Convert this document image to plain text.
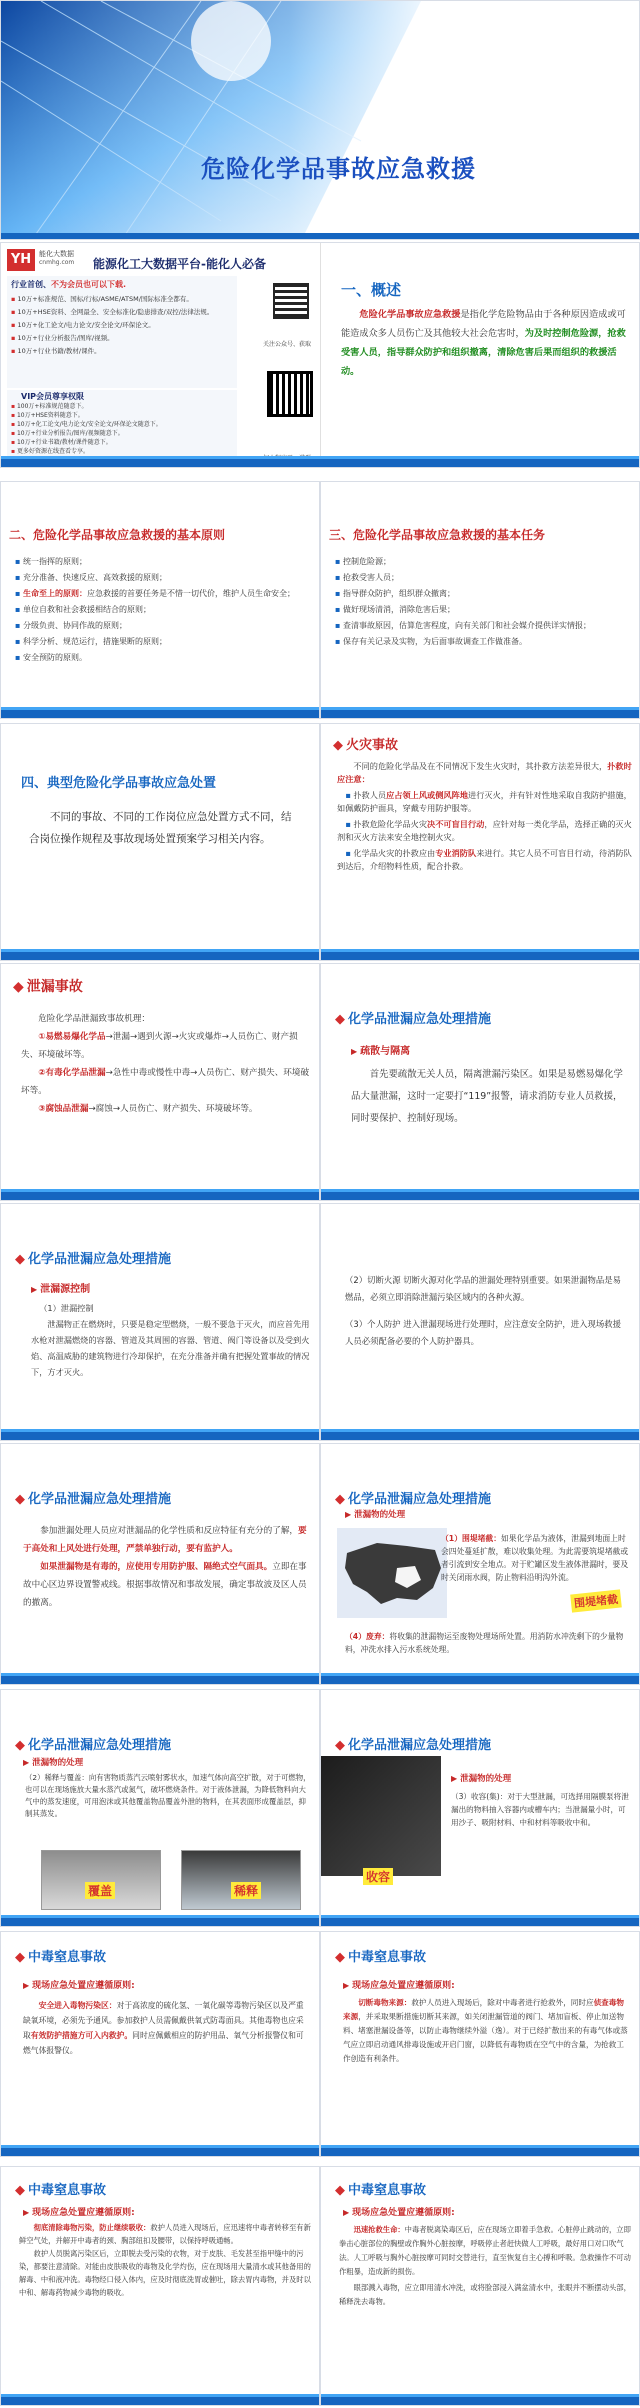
危险化学品事故应急救援
YH	能化大数据
cnmhg.com 能源化工大数据平台-能化人必备
行业首创、不为会员也可以下载.
▪ 10万+标准规范、国标/行标/ASME/ATSM/国际标准全都有。
▪ 10万+HSE资料、全网最全、安全标准化/隐患排查/双控/法律法规。
▪ 10万+化工论文/电力论文/安全论文/环保论文。
▪ 10万+行业分析报告/图库/视频。
▪ 10万+行业书籍/教材/课件。
VIP会员尊享权限
▪ 100万+标准规范随意下。
▪ 10万+HSE资料随意下。
▪ 10万+化工论文/电力论文/安全论文/环保论文随意下。
▪ 10万+行业分析报告/图库/视频随意下。
▪ 10万+行业书籍/教材/课件随意下。
▪ 更多好资源在线查看专享。
关注公众号、获取
一、概述
危险化学品事故应急救援是指化学危险物品由于各种原因造成或可能造成众多人员伤亡及其他较大社会危害时，为及时控制危险源，抢救受害人员，指导群众防护和组织撤离，清除危害后果而组织的救援活动。
二、危险化学品事故应急救援的基本原则
▪ 统一指挥的原则；
▪ 充分准备、快速反应、高效救援的原则；
▪ 生命至上的原则：应急救援的首要任务是不惜一切代价，维护人员生命安全；
▪ 单位自救和社会救援相结合的原则；
▪ 分级负责、协同作战的原则；
▪ 科学分析、规范运行，措施果断的原则；
▪ 安全预防的原则。
三、危险化学品事故应急救援的基本任务
▪ 控制危险源；
▪ 抢救受害人员；
▪ 指导群众防护，组织群众撤离；
▪ 做好现场清消，消除危害后果；
▪ 查清事故原因，估算危害程度，向有关部门和社会媒介提供详实情报；
▪ 保存有关记录及实物，为后面事故调查工作做准备。
四、典型危险化学品事故应急处置
不同的事故、不同的工作岗位应急处置方式不同，结合岗位操作规程及事故现场处置预案学习相关内容。
◆ 火灾事故
不同的危险化学品及在不同情况下发生火灾时，其扑救方法差异很大，扑救时应注意：
▪ 扑救人员应占领上风或侧风阵地进行灭火，并有针对性地采取自我防护措施，如佩戴防护面具，穿戴专用防护服等。
▪ 扑救危险化学品火灾决不可盲目行动，应针对每一类化学品，选择正确的灭火剂和灭火方法来安全地控制火灾。
▪ 化学品火灾的扑救应由专业消防队来进行。其它人员不可盲目行动，待消防队到达后，介绍物料性质，配合扑救。
◆ 泄漏事故
危险化学品泄漏致事故机理：
①易燃易爆化学品→泄漏→遇到火源→火灾或爆炸→人员伤亡、财产损失、环境破坏等。
②有毒化学品泄漏→急性中毒或慢性中毒→人员伤亡、财产损失、环境破坏等。
③腐蚀品泄漏→腐蚀→人员伤亡、财产损失、环境破坏等。
◆ 化学品泄漏应急处理措施
▶ 疏散与隔离
首先要疏散无关人员，隔离泄漏污染区。如果是易燃易爆化学品大量泄漏，这时一定要打“119”报警，请求消防专业人员救援，同时要保护、控制好现场。
◆ 化学品泄漏应急处理措施
▶ 泄漏源控制
（1）泄漏控制
泄漏物正在燃烧时，只要是稳定型燃烧，一般不要急于灭火，而应首先用水枪对泄漏燃烧的容器、管道及其周围的容器、管道、阀门等设备以及受到火焰、高温威胁的建筑物进行冷却保护，在充分准备并确有把握处置事故的情况下，方才灭火。
（2）切断火源 切断火源对化学品的泄漏处理特别重要。如果泄漏物品是易燃品，必须立即消除泄漏污染区域内的各种火源。
（3）个人防护 进入泄漏现场进行处理时，应注意安全防护，进入现场救援人员必须配备必要的个人防护器具。
◆ 化学品泄漏应急处理措施
参加泄漏处理人员应对泄漏品的化学性质和反应特征有充分的了解，要于高处和上风处进行处理，严禁单独行动，要有监护人。
如果泄漏物是有毒的，应使用专用防护服、隔绝式空气面具。立即在事故中心区边界设置警戒线。根据事故情况和事故发展，确定事故波及区人员的撤离。
◆ 化学品泄漏应急处理措施
▶ 泄漏物的处理
（1）围堤堵截：如果化学品为液体，泄漏到地面上时会四处蔓延扩散，难以收集处理。为此需要筑堤堵截或者引流到安全地点。对于贮罐区发生液体泄漏时，要及时关闭雨水阀，防止物料沿明沟外流。
围堤堵截
（4）废弃：将收集的泄漏物运至废物处理场所处置。用消防水冲洗剩下的少量物料，冲洗水排入污水系统处理。
◆ 化学品泄漏应急处理措施
▶ 泄漏物的处理
（2）稀释与覆盖：向有害物质蒸汽云喷射雾状水，加速气体向高空扩散，对于可燃物，也可以在现场施放大量水蒸汽或氮气，破坏燃烧条件。对于液体泄漏，为降低物料向大气中的蒸发速度，可用泡沫或其他覆盖物品覆盖外泄的物料，在其表面形成覆盖层，抑制其蒸发。
覆盖	稀释
◆ 化学品泄漏应急处理措施
收容
▶ 泄漏物的处理
（3）收容(集)：对于大型泄漏，可选择用隔膜泵将泄漏出的物料抽入容器内或槽车内；当泄漏量小时，可用沙子、吸附材料、中和材料等吸收中和。
◆ 中毒窒息事故
▶ 现场应急处置应遵循原则:
安全进入毒物污染区：对于高浓度的硫化氢、一氧化碳等毒物污染区以及严重缺氧环境，必须先予通风。参加救护人员需佩戴供氧式防毒面具。其他毒物也应采取有效防护措施方可入内救护。同时应佩戴相应的防护用品、氧气分析报警仪和可燃气体报警仪。
◆ 中毒窒息事故
▶ 现场应急处置应遵循原则:
切断毒物来源：救护人员进入现场后，除对中毒者进行抢救外，同时应侦查毒物来源，并采取果断措施切断其来源，如关闭泄漏管道的阀门、堵加盲板、停止加送物料、堵塞泄漏设备等，以防止毒物继续外溢（逸）。对于已经扩散出来的有毒气体或蒸气应立即启动通风排毒设施或开启门窗，以降低有毒物质在空气中的含量，为抢救工作创造有利条件。
◆ 中毒窒息事故
▶ 现场应急处置应遵循原则:
彻底清除毒物污染，防止继续吸收：救护人员进入现场后，应迅速将中毒者转移至有新鲜空气处，并解开中毒者的颈、胸部纽扣及腰带，以保持呼吸通畅。
救护人员脱离污染区后，立即脱去受污染的衣物，对于皮肤、毛发甚至指甲缝中的污染，都要注意清除。对能由皮肤吸收的毒物及化学灼伤，应在现场用大量清水或其他备用的解毒、中和液冲洗。毒物经口侵入体内，应及时彻底洗胃或催吐，除去胃内毒物，并及时以中和、解毒药物减少毒物的吸收。
◆ 中毒窒息事故
▶ 现场应急处置应遵循原则:
迅速抢救生命：中毒者脱离染毒区后，应在现场立即着手急救。心脏停止跳动的，立即拳击心脏部位的胸壁或作胸外心脏按摩，呼吸停止者赶快做人工呼吸，最好用口对口吹气法。人工呼吸与胸外心脏按摩可同时交替进行，直至恢复自主心搏和呼吸。急救操作不可动作粗暴，造成新的损伤。
眼部溅入毒物，应立即用清水冲洗，或将脸部浸入满盆清水中，张眼并不断摆动头部，稀释洗去毒物。
